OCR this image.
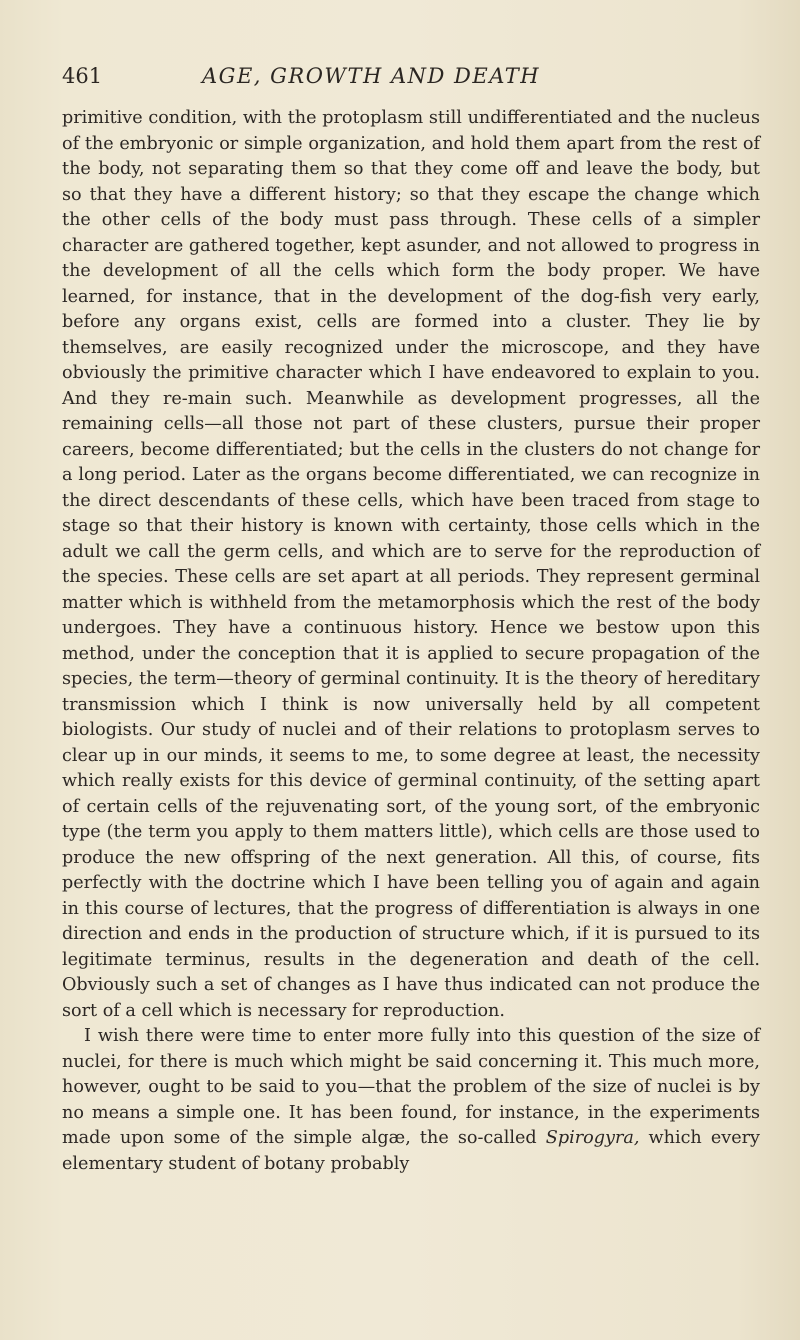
461	AGE, GROWTH AND DEATH

primitive condition, with the protoplasm still undifferentiated and the nucleus of the embryonic or simple organization, and hold them apart from the rest of the body, not separating them so that they come off and leave the body, but so that they have a different history; so that they escape the change which the other cells of the body must pass through. These cells of a simpler character are gathered together, kept asunder, and not allowed to progress in the development of all the cells which form the body proper. We have learned, for instance, that in the development of the dog-fish very early, before any organs exist, cells are formed into a cluster. They lie by themselves, are easily recognized under the microscope, and they have obviously the primitive character which I have endeavored to explain to you. And they re-main such. Meanwhile as development progresses, all the remaining cells—all those not part of these clusters, pursue their proper careers, become differentiated; but the cells in the clusters do not change for a long period. Later as the organs become differentiated, we can recognize in the direct descendants of these cells, which have been traced from stage to stage so that their history is known with certainty, those cells which in the adult we call the germ cells, and which are to serve for the reproduction of the species. These cells are set apart at all periods. They represent germinal matter which is withheld from the metamorphosis which the rest of the body undergoes. They have a continuous history. Hence we bestow upon this method, under the conception that it is applied to secure propagation of the species, the term—theory of germinal continuity. It is the theory of hereditary transmission which I think is now universally held by all competent biologists. Our study of nuclei and of their relations to protoplasm serves to clear up in our minds, it seems to me, to some degree at least, the necessity which really exists for this device of germinal continuity, of the setting apart of certain cells of the rejuvenating sort, of the young sort, of the embryonic type (the term you apply to them matters little), which cells are those used to produce the new offspring of the next generation. All this, of course, fits perfectly with the doctrine which I have been telling you of again and again in this course of lectures, that the progress of differentiation is always in one direction and ends in the production of structure which, if it is pursued to its legitimate terminus, results in the degeneration and death of the cell. Obviously such a set of changes as I have thus indicated can not produce the sort of a cell which is necessary for reproduction.

I wish there were time to enter more fully into this question of the size of nuclei, for there is much which might be said concerning it. This much more, however, ought to be said to you—that the problem of the size of nuclei is by no means a simple one. It has been found, for instance, in the experiments made upon some of the simple algæ, the so-called Spirogyra, which every elementary student of botany probably
